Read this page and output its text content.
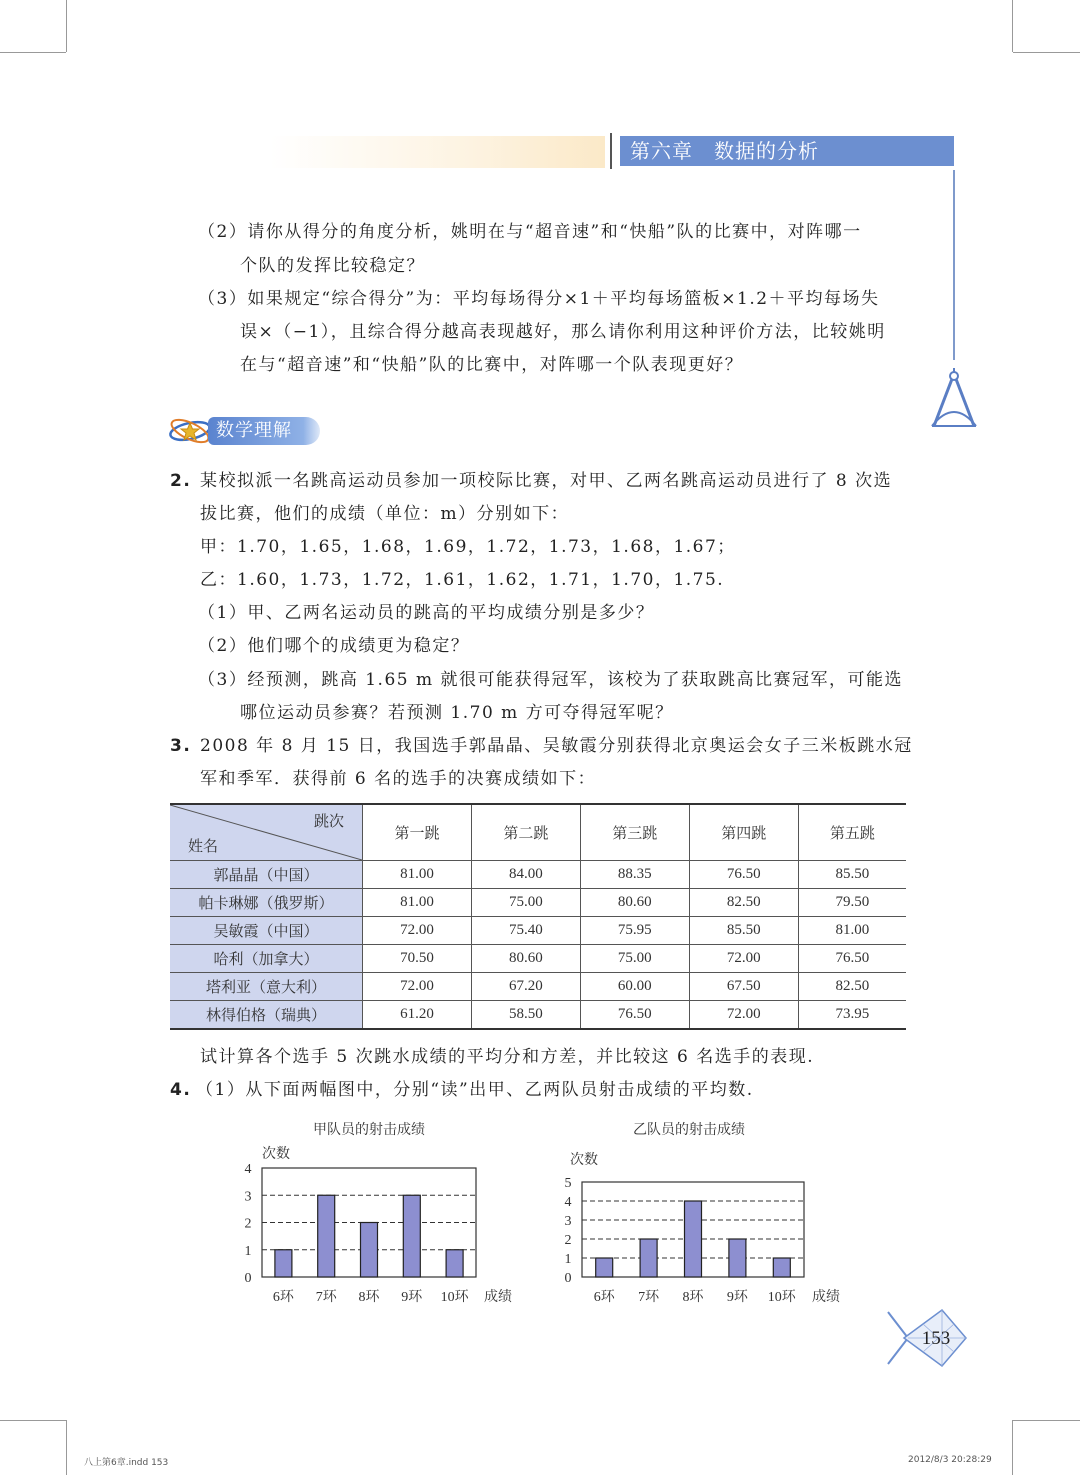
第六章　数据的分析
（2）请你从得分的角度分析，姚明在与“超音速”和“快船”队的比赛中，对阵哪一
个队的发挥比较稳定？
（3）如果规定“综合得分”为：平均每场得分×1＋平均每场篮板×1.2＋平均每场失
误×（−1），且综合得分越高表现越好，那么请你利用这种评价方法，比较姚明
在与“超音速”和“快船”队的比赛中，对阵哪一个队表现更好？
数学理解
2. 某校拟派一名跳高运动员参加一项校际比赛，对甲、乙两名跳高运动员进行了 8 次选
拔比赛，他们的成绩（单位：m）分别如下：
甲：1.70，1.65，1.68，1.69，1.72，1.73，1.68，1.67；
乙：1.60，1.73，1.72，1.61，1.62，1.71，1.70，1.75.
（1）甲、乙两名运动员的跳高的平均成绩分别是多少？
（2）他们哪个的成绩更为稳定？
（3）经预测，跳高 1.65 m 就很可能获得冠军，该校为了获取跳高比赛冠军，可能选
哪位运动员参赛？若预测 1.70 m 方可夺得冠军呢？
3. 2008 年 8 月 15 日，我国选手郭晶晶、吴敏霞分别获得北京奥运会女子三米板跳水冠
军和季军．获得前 6 名的选手的决赛成绩如下：
跳次
姓名	第一跳	第二跳	第三跳	第四跳	第五跳
郭晶晶（中国）	81.00	84.00	88.35	76.50	85.50
帕卡琳娜（俄罗斯）	81.00	75.00	80.60	82.50	79.50
吴敏霞（中国）	72.00	75.40	75.95	85.50	81.00
哈利（加拿大）	70.50	80.60	75.00	72.00	76.50
塔利亚（意大利）	72.00	67.20	60.00	67.50	82.50
林得伯格（瑞典）	61.20	58.50	76.50	72.00	73.95
试计算各个选手 5 次跳水成绩的平均分和方差，并比较这 6 名选手的表现.
4. （1）从下面两幅图中，分别“读”出甲、乙两队员射击成绩的平均数.
甲队员的射击成绩
次数
0
1
2
3
4
6环 7环 8环 9环 10环 成绩
乙队员的射击成绩
次数
0
1
2
3
4
5
6环 7环 8环 9环 10环 成绩
153
八上第6章.indd 153	2012/8/3 20:28:29
